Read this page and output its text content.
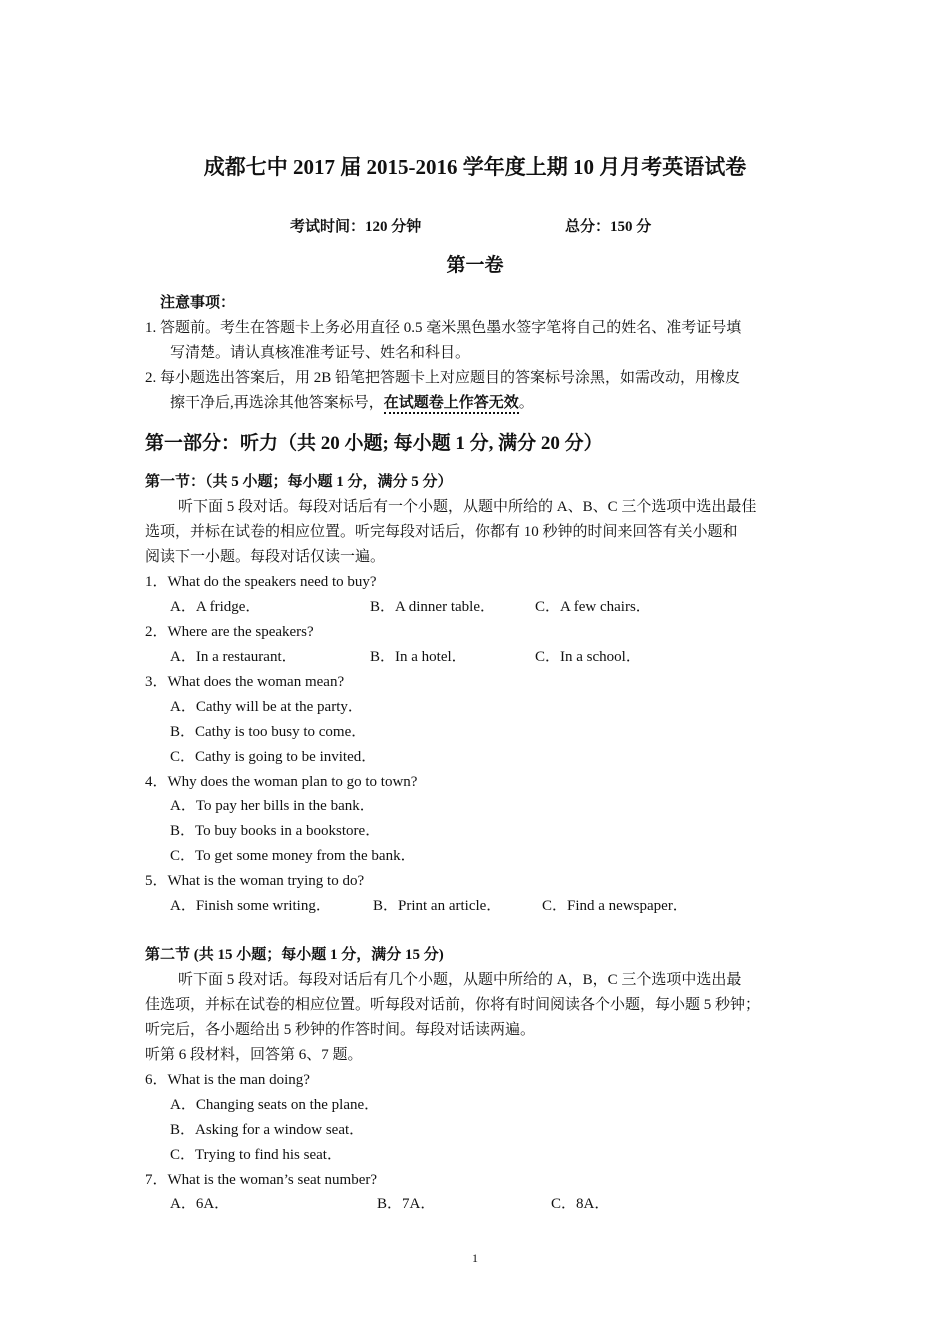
成都七中 2017 届 2015-2016 学年度上期 10 月月考英语试卷
考试时间：120 分钟	总分：150 分
第一卷
注意事项：
1. 答题前。考生在答题卡上务必用直径 0.5 毫米黑色墨水签字笔将自己的姓名、准考证号填
写清楚。请认真核准准考证号、姓名和科目。
2. 每小题选出答案后，用 2B 铅笔把答题卡上对应题目的答案标号涂黑，如需改动，用橡皮
擦干净后,再选涂其他答案标号，在试题卷上作答无效。
第一部分：听力（共 20 小题; 每小题 1 分, 满分 20 分）
第一节：（共 5 小题；每小题 1 分，满分 5 分）
听下面 5 段对话。每段对话后有一个小题，从题中所给的 A、B、C 三个选项中选出最佳
选项，并标在试卷的相应位置。听完每段对话后，你都有 10 秒钟的时间来回答有关小题和
阅读下一小题。每段对话仅读一遍。
1．What do the speakers need to buy?
A．A fridge．	B．A dinner table．	C．A few chairs．
2．Where are the speakers?
A．In a restaurant．	B．In a hotel．	C．In a school．
3．What does the woman mean?
A．Cathy will be at the party．
B．Cathy is too busy to come．
C．Cathy is going to be invited．
4．Why does the woman plan to go to town?
A．To pay her bills in the bank．
B．To buy books in a bookstore．
C．To get some money from the bank．
5．What is the woman trying to do?
A．Finish some writing．	B．Print an article．	C．Find a newspaper．
第二节 (共 15 小题；每小题 1 分，满分 15 分)
听下面 5 段对话。每段对话后有几个小题，从题中所给的 A，B，C 三个选项中选出最
佳选项，并标在试卷的相应位置。听每段对话前，你将有时间阅读各个小题，每小题 5 秒钟；
听完后，各小题给出 5 秒钟的作答时间。每段对话读两遍。
听第 6 段材料，回答第 6、7 题。
6．What is the man doing?
A．Changing seats on the plane．
B．Asking for a window seat．
C．Trying to find his seat．
7．What is the woman’s seat number?
A．6A．	B．7A．	C．8A．
1
